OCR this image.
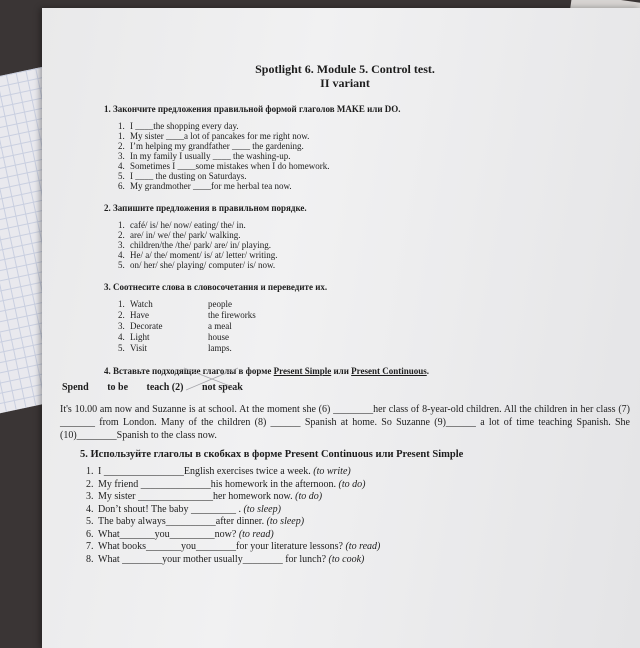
Spotlight 6. Module 5. Control test.

II variant

1. Закончите предложения правильной формой глаголов MAKE или DO.
1. I ____the shopping every day.
1. My sister ____a lot of pancakes for me right now.
2. I’m helping my grandfather ____ the gardening.
3. In my family I usually ____ the washing-up.
4. Sometimes I ____some mistakes when I do homework.
5. I ____ the dusting on Saturdays.
6. My grandmother ____for me herbal tea now.
2. Запишите предложения в правильном порядке.
1. café/ is/ he/ now/ eating/ the/ in.
2. are/ in/ we/ the/ park/ walking.
3. children/the /the/ park/ are/ in/ playing.
4. He/ a/ the/ moment/ is/ at/ letter/ writing.
5. on/ her/ she/ playing/ computer/ is/ now.
3. Соотнесите слова в словосочетания и переведите их.
1. Watch	people
2. Have	the fireworks
3. Decorate	a meal
4. Light	house
5. Visit	lamps.
4. Вставьте подходящие глаголы в форме Present Simple или Present Continuous.
Spend to be teach (2) not speak

It's 10.00 am now and Suzanne is at school. At the moment she (6) ________her class of 8-year-old children. All the children in her class (7) _______ from London. Many of the children (8) ______ Spanish at home. So Suzanne (9)______ a lot of time teaching Spanish. She (10)________Spanish to the class now.

5. Используйте глаголы в скобках в форме Present Continuous или Present Simple
1. I ________________English exercises twice a week. (to write)
2. My friend ______________his homework in the afternoon. (to do)
3. My sister _______________her homework now. (to do)
4. Don’t shout! The baby _________ . (to sleep)
5. The baby always__________after dinner. (to sleep)
6. What_______you_________now? (to read)
7. What books_______you________for your literature lessons? (to read)
8. What ________your mother usually________ for lunch? (to cook)
